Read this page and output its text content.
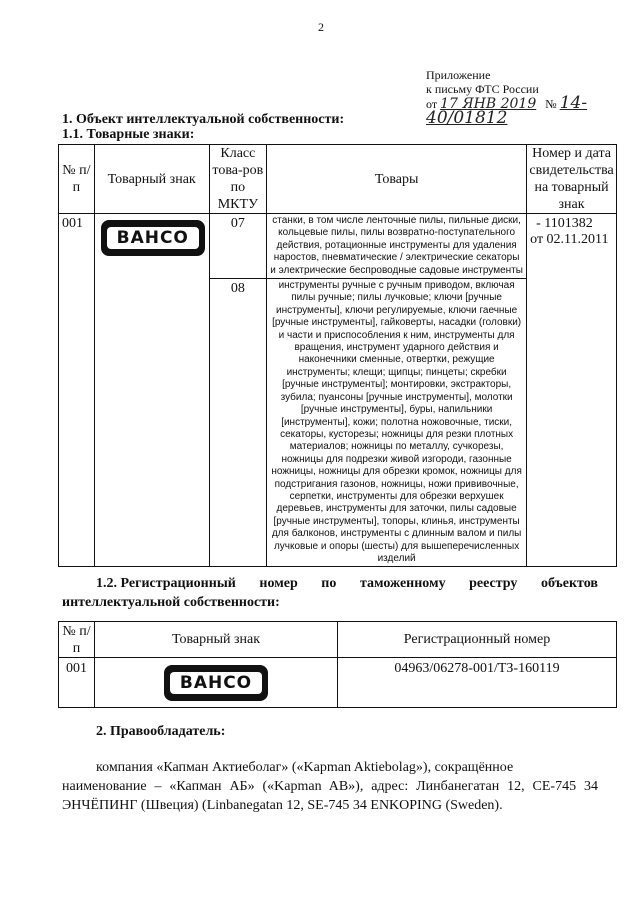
2
Приложение
к письму ФТС России
от 17 ЯНВ 2019 № 14-40/01812
1. Объект интеллектуальной собственности:
1.1. Товарные знаки:
№ п/п	Товарный знак	Класс това-ров по МКТУ	Товары	Номер и дата свидетельства на товарный знак
001	BAHCO	07	станки, в том числе ленточные пилы, пильные диски, кольцевые пилы, пилы возвратно-поступательного действия, ротационные инструменты для удаления наростов, пневматические / электрические секаторы и электрические беспроводные садовые инструменты	- 1101382
от 02.11.2011

		08	инструменты ручные с ручным приводом, включая пилы ручные; пилы лучковые; ключи [ручные инструменты], ключи регулируемые, ключи гаечные [ручные инструменты], гайковерты, насадки (головки) и части и приспособления к ним, инструменты для вращения, инструмент ударного действия и наконечники сменные, отвертки, режущие инструменты; клещи; щипцы; пинцеты; скребки [ручные инструменты]; монтировки, экстракторы, зубила; пуансоны [ручные инструменты], молотки [ручные инструменты], буры, напильники [инструменты], кожи; полотна ножовочные, тиски, секаторы, кусторезы; ножницы для резки плотных материалов; ножницы по металлу, сучкорезы, ножницы для подрезки живой изгороди, газонные ножницы, ножницы для обрезки кромок, ножницы для подстригания газонов, ножницы, ножи прививочные, серпетки, инструменты для обрезки верхушек деревьев, инструменты для заточки, пилы садовые [ручные инструменты], топоры, клинья, инструменты для балконов, инструменты с длинным валом и пилы лучковые и опоры (шесты) для вышеперечисленных изделий	
1.2. Регистрационный номер по таможенному реестру объектов
интеллектуальной собственности:
№ п/п	Товарный знак	Регистрационный номер
001	BAHCO	04963/06278-001/ТЗ-160119
2. Правообладатель:
компания «Капман Актиеболаг» («Kapman Aktiebolag»), сокращённое
наименование – «Капман АБ» («Kapman AB»), адрес: Линбанегатан 12, СЕ-745 34 ЭНЧЁПИНГ (Швеция) (Linbanegatan 12, SE-745 34 ENKOPING (Sweden).
